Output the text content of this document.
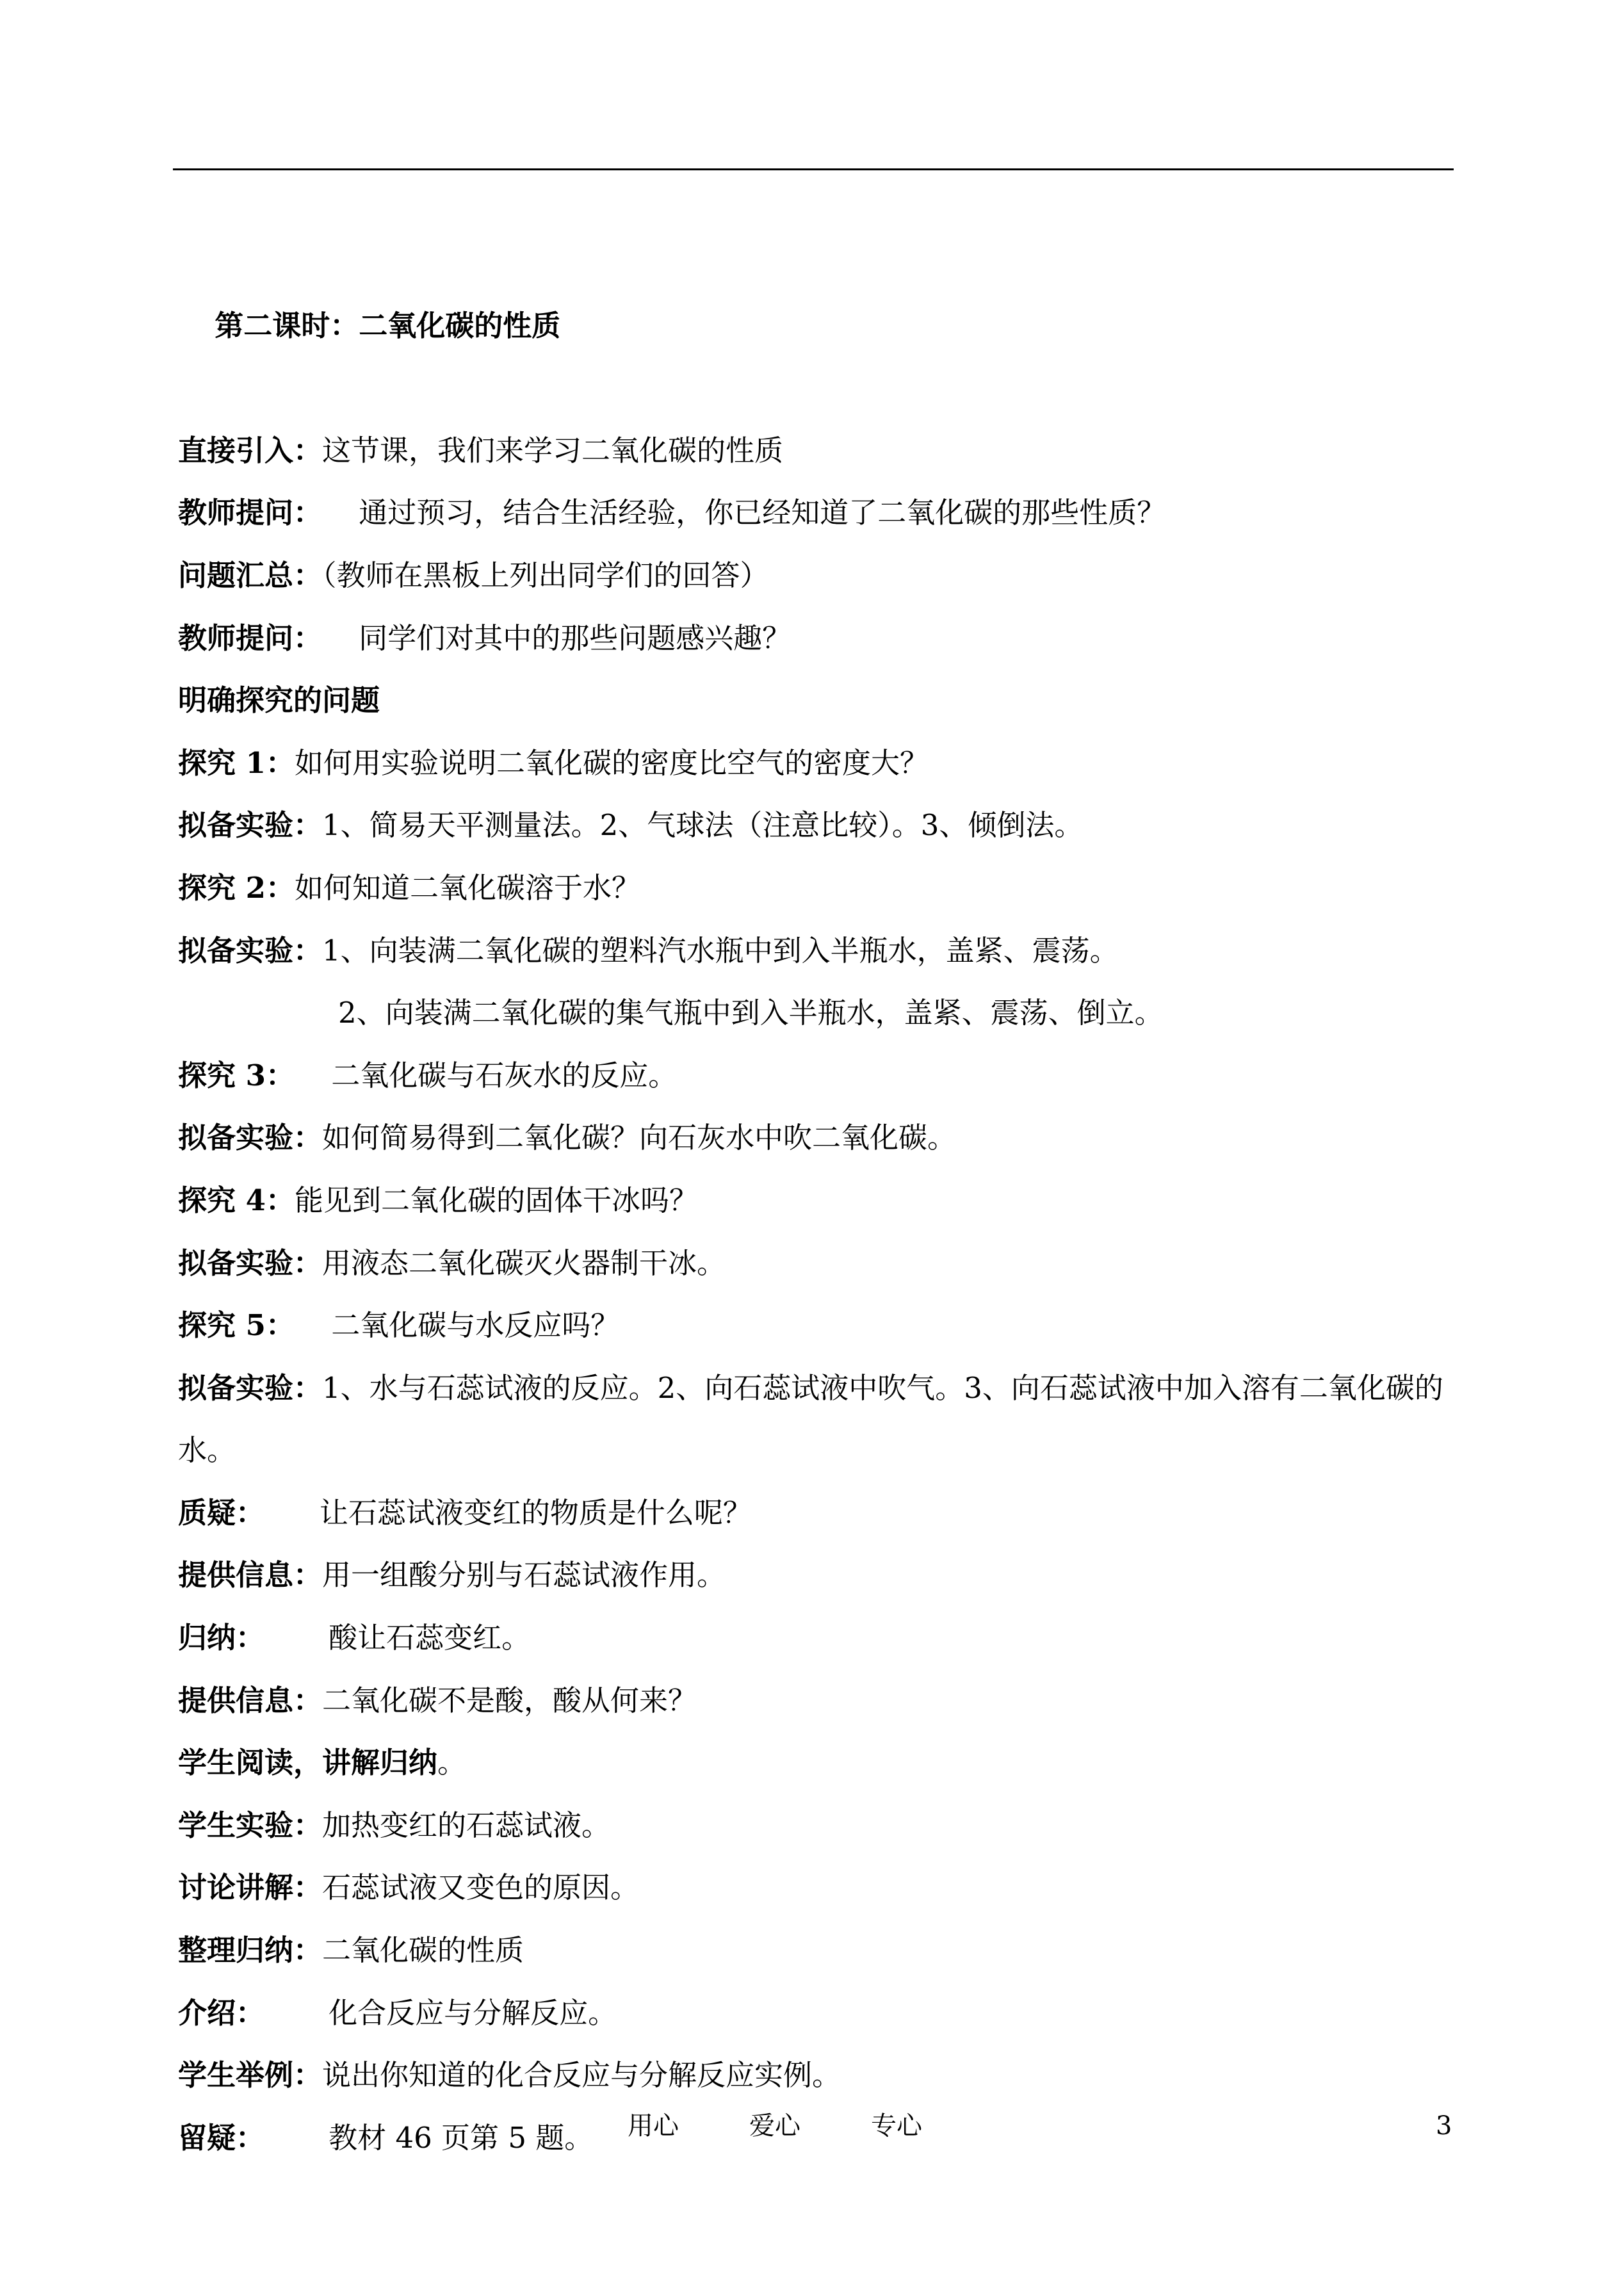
第二课时：二氧化碳的性质

直接引入：这节课，我们来学习二氧化碳的性质
教师提问：    通过预习，结合生活经验，你已经知道了二氧化碳的那些性质？
问题汇总：（教师在黑板上列出同学们的回答）
教师提问：    同学们对其中的那些问题感兴趣？
明确探究的问题
探究 1：如何用实验说明二氧化碳的密度比空气的密度大？
拟备实验：1、简易天平测量法。2、气球法（注意比较）。3、倾倒法。
探究 2：如何知道二氧化碳溶于水？
拟备实验：1、向装满二氧化碳的塑料汽水瓶中到入半瓶水，盖紧、震荡。
2、向装满二氧化碳的集气瓶中到入半瓶水，盖紧、震荡、倒立。
探究 3：    二氧化碳与石灰水的反应。
拟备实验：如何简易得到二氧化碳？向石灰水中吹二氧化碳。
探究 4：能见到二氧化碳的固体干冰吗？
拟备实验：用液态二氧化碳灭火器制干冰。
探究 5：    二氧化碳与水反应吗？
拟备实验：1、水与石蕊试液的反应。2、向石蕊试液中吹气。3、向石蕊试液中加入溶有二氧化碳的水。
质疑：      让石蕊试液变红的物质是什么呢？
提供信息：用一组酸分别与石蕊试液作用。
归纳：       酸让石蕊变红。
提供信息：二氧化碳不是酸，酸从何来？
学生阅读，讲解归纳。
学生实验：加热变红的石蕊试液。
讨论讲解：石蕊试液又变色的原因。
整理归纳：二氧化碳的性质
介绍：       化合反应与分解反应。
学生举例：说出你知道的化合反应与分解反应实例。
留疑：       教材 46 页第 5 题。	用心	爱心	专心	3
